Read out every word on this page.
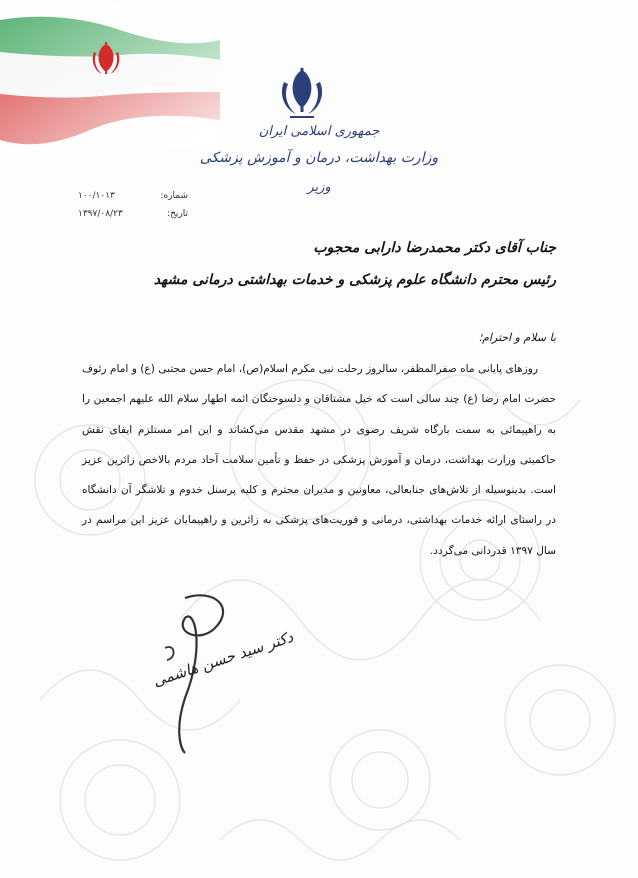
جمهوری اسلامی ایران
وزارت بهداشت، درمان و آموزش پزشکی
وزیر
شماره:
۱۰۰/۱۰۱۳
تاریخ:
۱۳۹۷/۰۸/۲۳
جناب آقای دکتر محمدرضا دارابی محجوب
رئیس محترم دانشگاه علوم پزشکی و خدمات بهداشتی درمانی مشهد
با سلام و احترام؛
روزهای پایانی ماه صفرالمظفر، سالروز رحلت نبی مکرم اسلام(ص)، امام حسن مجتبی (ع) و امام رئوف حضرت امام رضا (ع) چند سالی است که خیل مشتاقان و دلسوختگان ائمه اطهار سلام الله علیهم اجمعین را به راهپیمائی به سمت بارگاه شریف رضوی در مشهد مقدس می‌کشاند و این امر مستلزم ایفای نقش حاکمیتی وزارت بهداشت، درمان و آموزش پزشکی در حفظ و تأمین سلامت آحاد مردم بالاخص زائرین عزیز است. بدینوسیله از تلاش‌های جنابعالی، معاونین و مدیران محترم و کلیه پرسنل خدوم و تلاشگر آن دانشگاه در راستای ارائه خدمات بهداشتی، درمانی و فوریت‌های پزشکی به زائرین و راهپیمایان عزیز این مراسم در سال ۱۳۹۷ قدردانی می‌گردد.
دکتر سید حسن هاشمی
